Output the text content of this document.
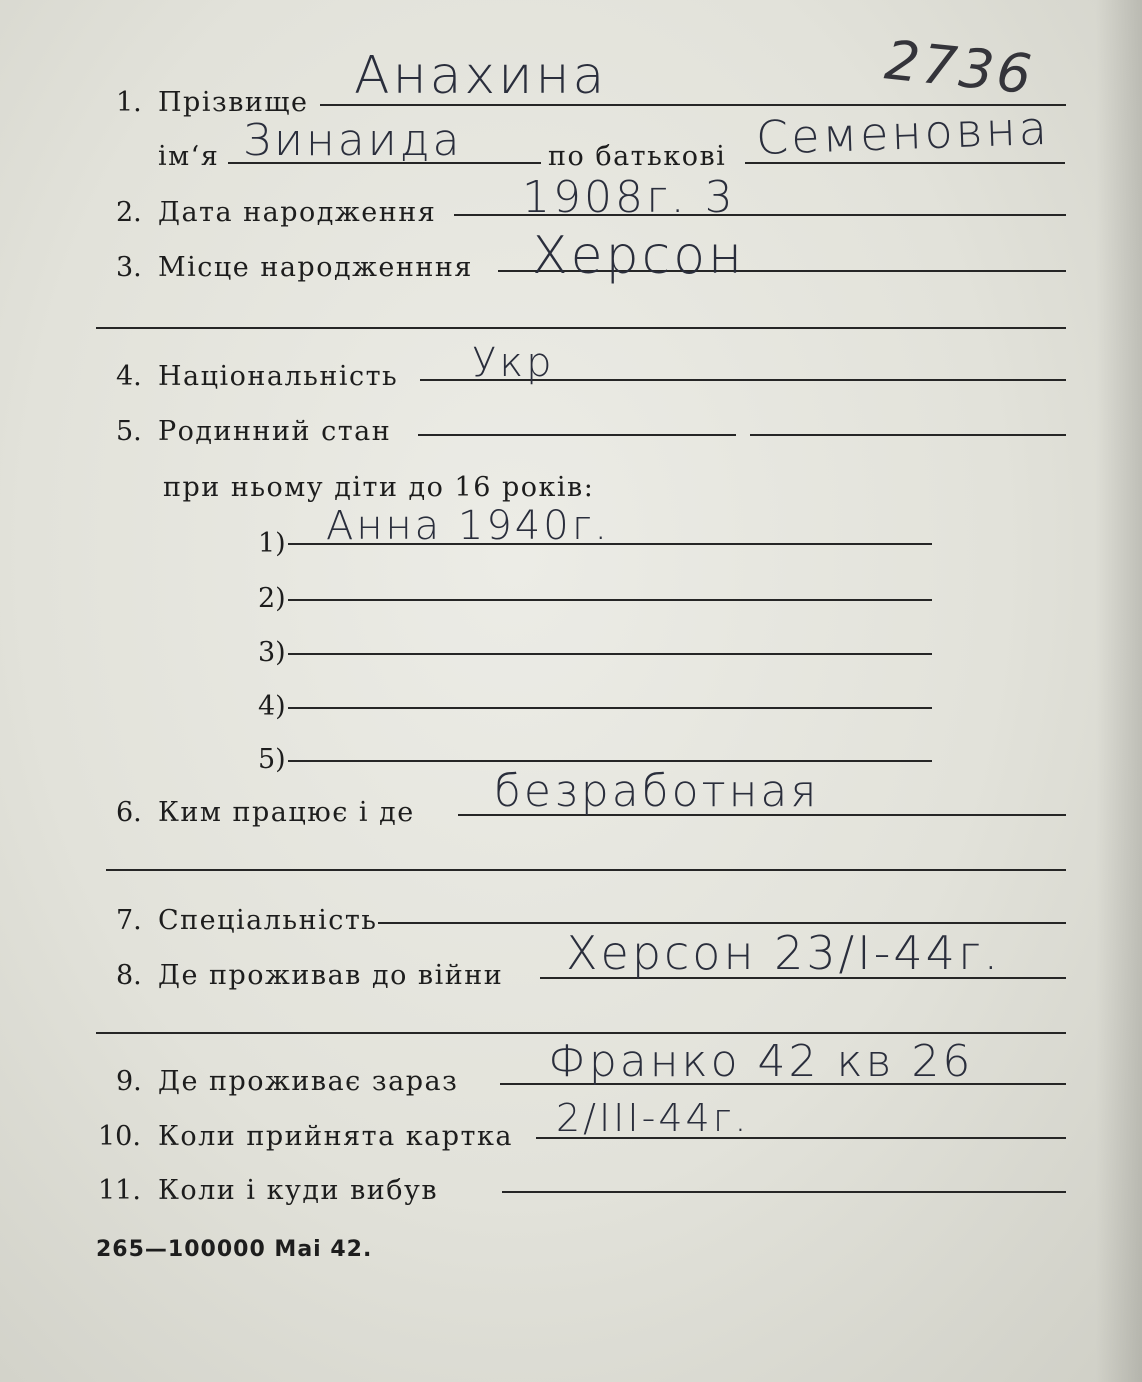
2736
1. Прізвище Анахина
ім‘я Зинаида	по батькові Семеновна
2. Дата народження 1908г. 3
3. Місце народженння Херсон
4. Національність Укр
5. Родинний стан
при ньому діти до 16 років:
1) Анна 1940г.
2)
3)
4)
5)
6. Ким працює і де безработная
7. Спеціальність
8. Де проживав до війни Херсон 23/I-44г.
9. Де проживає зараз Франко 42 кв 26
10. Коли прийнята картка 2/III-44г.
11. Коли і куди вибув
265—100000 Mai 42.
